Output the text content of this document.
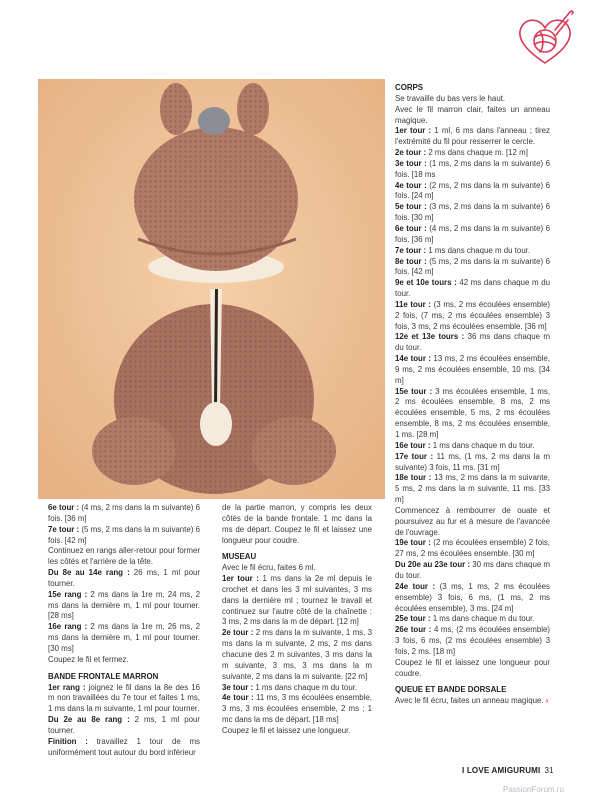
6e tour : (4 ms, 2 ms dans la m suivante) 6 fois. [36 m]

7e tour : (5 ms, 2 ms dans la m suivante) 6 fois. [42 m]

Continuez en rangs aller-retour pour former les côtés et l'arrière de la tête.

Du 8e au 14e rang : 26 ms, 1 ml pour tourner.

15e rang : 2 ms dans la 1re m, 24 ms, 2 ms dans la dernière m, 1 ml pour tourner. [28 ms]

16e rang : 2 ms dans la 1re m, 26 ms, 2 ms dans la dernière m, 1 ml pour tourner. [30 ms]

Coupez le fil et fermez.

BANDE FRONTALE MARRON

1er rang : joignez le fil dans la 8e des 16 m non travaillées du 7e tour et faites 1 ms, 1 ms dans la m suivante, 1 ml pour tourner.

Du 2e au 8e rang : 2 ms, 1 ml pour tourner.

Finition : travaillez 1 tour de ms uniformément tout autour du bord inférieur

de la partie marron, y compris les deux côtés de la bande frontale. 1 mc dans la ms de départ. Coupez le fil et laissez une longueur pour coudre.

MUSEAU

Avec le fil écru, faites 6 ml.

1er tour : 1 ms dans la 2e ml depuis le crochet et dans les 3 ml suivantes, 3 ms dans la dernière ml ; tournez le travail et continuez sur l'autre côté de la chaînette : 3 ms, 2 ms dans la m de départ. [12 m]

2e tour : 2 ms dans la m suivante, 1 ms, 3 ms dans la m suivante, 2 ms, 2 ms dans chacune des 2 m suivantes, 3 ms dans la m suivante, 3 ms, 3 ms dans la m suivante, 2 ms dans la m suivante. [22 m]

3e tour : 1 ms dans chaque m du tour.

4e tour : 11 ms, 3 ms écoulées ensemble, 3 ms, 3 ms écoulées ensemble, 2 ms ; 1 mc dans la ms de départ. [18 ms]

Coupez le fil et laissez une longueur.

CORPS

Se travaille du bas vers le haut.

Avec le fil marron clair, faites un anneau magique.

1er tour : 1 ml, 6 ms dans l'anneau ; tirez l'extrémité du fil pour resserrer le cercle.

2e tour : 2 ms dans chaque m. [12 m]

3e tour : (1 ms, 2 ms dans la m suivante) 6 fois. [18 ms

4e tour : (2 ms, 2 ms dans la m suivante) 6 fois. [24 m]

5e tour : (3 ms, 2 ms dans la m suivante) 6 fois. [30 m]

6e tour : (4 ms, 2 ms dans la m suivante) 6 fois. [36 m]

7e tour : 1 ms dans chaque m du tour.

8e tour : (5 ms, 2 ms dans la m suivante) 6 fois. [42 m]

9e et 10e tours : 42 ms dans chaque m du tour.

11e tour : (3 ms, 2 ms écoulées ensemble) 2 fois, (7 ms, 2 ms écoulées ensemble) 3 fois, 3 ms, 2 ms écoulées ensemble. [36 m]

12e et 13e tours : 36 ms dans chaque m du tour.

14e tour : 13 ms, 2 ms écoulées ensemble, 9 ms, 2 ms écoulées ensemble, 10 ms. [34 m]

15e tour : 3 ms écoulées ensemble, 1 ms, 2 ms écoulées ensemble, 8 ms, 2 ms écoulées ensemble, 5 ms, 2 ms écoulées ensemble, 8 ms, 2 ms écoulées ensemble, 1 ms. [28 m]

16e tour : 1 ms dans chaque m du tour.

17e tour : 11 ms, (1 ms, 2 ms dans la m suivante) 3 fois, 11 ms. [31 m]

18e tour : 13 ms, 2 ms dans la m suivante, 5 ms, 2 ms dans la m suivante, 11 ms. [33 m]

Commencez à rembourrer de ouate et poursuivez au fur et à mesure de l'avancée de l'ouvrage.

19e tour : (2 ms écoulées ensemble) 2 fois, 27 ms, 2 ms écoulées ensemble. [30 m]

Du 20e au 23e tour : 30 ms dans chaque m du tour.

24e tour : (3 ms, 1 ms, 2 ms écoulées ensemble) 3 fois, 6 ms, (1 ms, 2 ms écoulées ensemble), 3 ms. [24 m]

25e tour : 1 ms dans chaque m du tour.

26e tour : 4 ms, (2 ms écoulées ensemble) 3 fois, 6 ms, (2 ms écoulées ensemble) 3 fois, 2 ms. [18 m]

Coupez le fil et laissez une longueur pour coudre.

QUEUE ET BANDE DORSALE

Avec le fil écru, faites un anneau magique. ›

I LOVE AMIGURUMI 31
PassionForum.ru
